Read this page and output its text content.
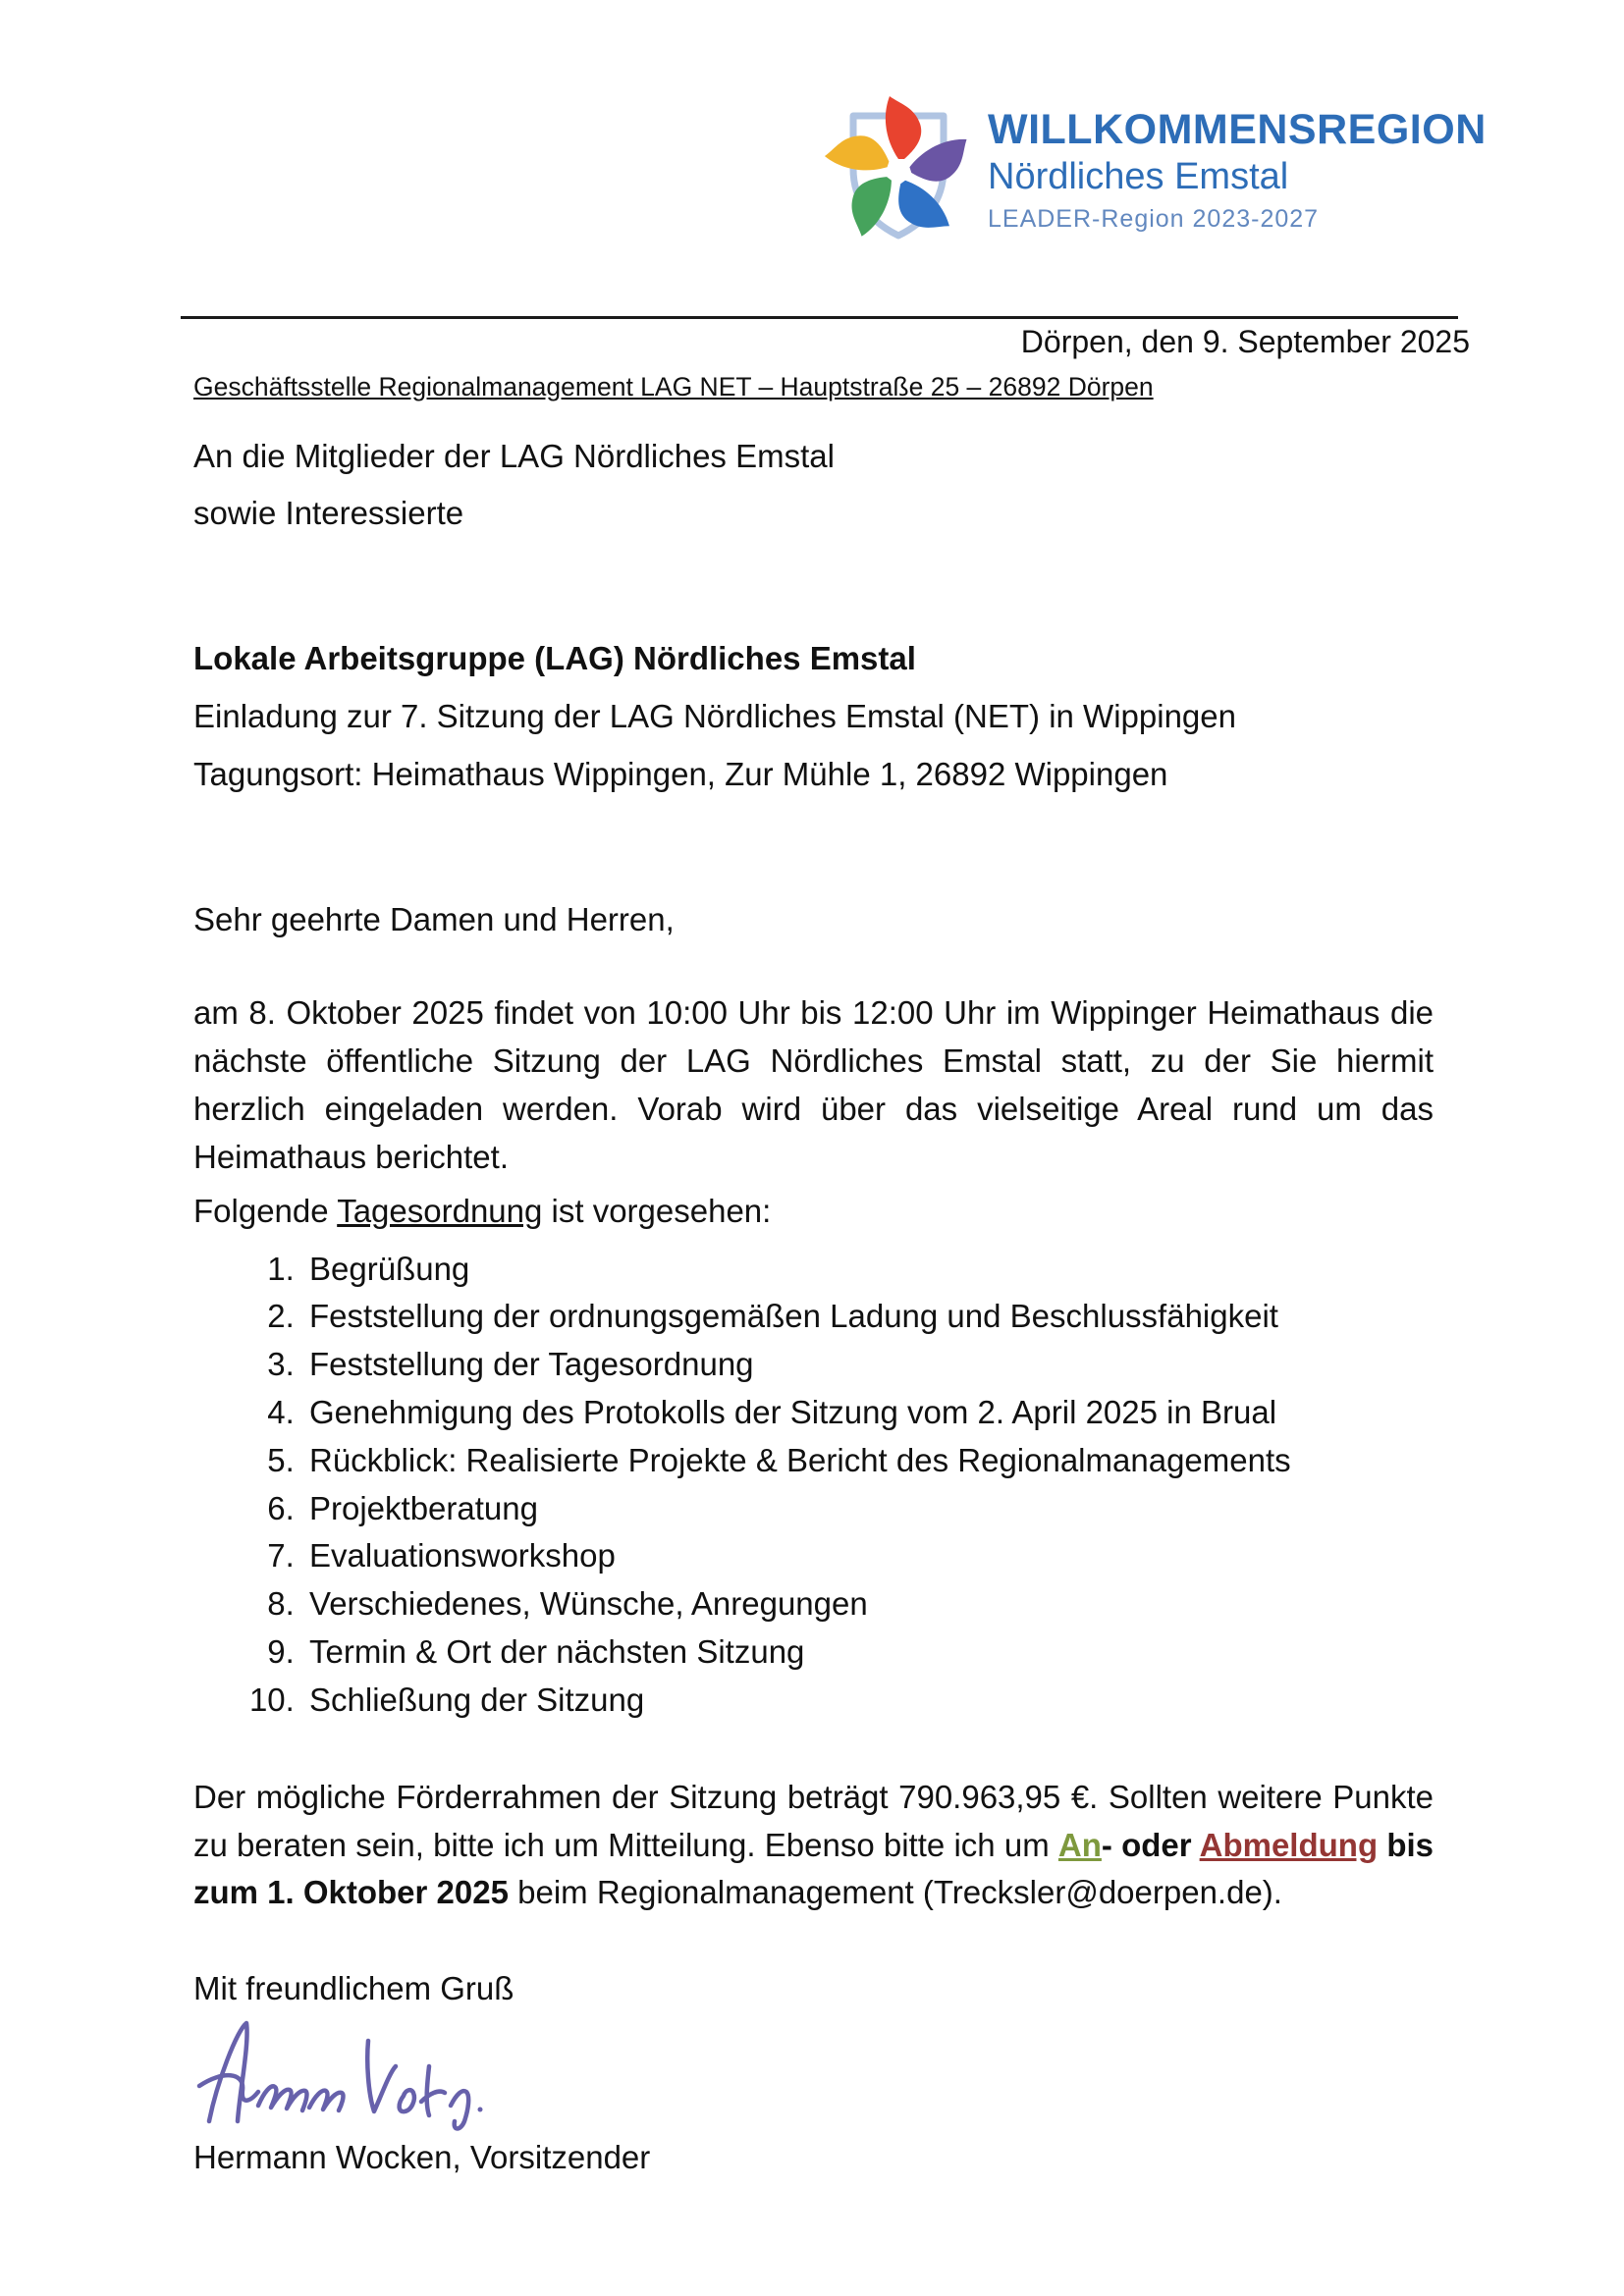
WILLKOMMENSREGION
Nördliches Emstal
LEADER-Region 2023-2027
Dörpen, den 9. September 2025
Geschäftsstelle Regionalmanagement LAG NET – Hauptstraße 25 – 26892 Dörpen
An die Mitglieder der LAG Nördliches Emstal
sowie Interessierte
Lokale Arbeitsgruppe (LAG) Nördliches Emstal
Einladung zur 7. Sitzung der LAG Nördliches Emstal (NET) in Wippingen
Tagungsort: Heimathaus Wippingen, Zur Mühle 1, 26892 Wippingen
Sehr geehrte Damen und Herren,

am 8. Oktober 2025 findet von 10:00 Uhr bis 12:00 Uhr im Wippinger Heimathaus die nächste öffentliche Sitzung der LAG Nördliches Emstal statt, zu der Sie hiermit herzlich eingeladen werden. Vorab wird über das vielseitige Areal rund um das Heimathaus berichtet.

Folgende Tagesordnung ist vorgesehen:
1. Begrüßung
2. Feststellung der ordnungsgemäßen Ladung und Beschlussfähigkeit
3. Feststellung der Tagesordnung
4. Genehmigung des Protokolls der Sitzung vom 2. April 2025 in Brual
5. Rückblick: Realisierte Projekte & Bericht des Regionalmanagements
6. Projektberatung
7. Evaluationsworkshop
8. Verschiedenes, Wünsche, Anregungen
9. Termin & Ort der nächsten Sitzung
10. Schließung der Sitzung

Der mögliche Förderrahmen der Sitzung beträgt 790.963,95 €. Sollten weitere Punkte zu beraten sein, bitte ich um Mitteilung. Ebenso bitte ich um An- oder Abmeldung bis zum 1. Oktober 2025 beim Regionalmanagement (Trecksler@doerpen.de).

Mit freundlichem Gruß
Hermann Wocken, Vorsitzender
